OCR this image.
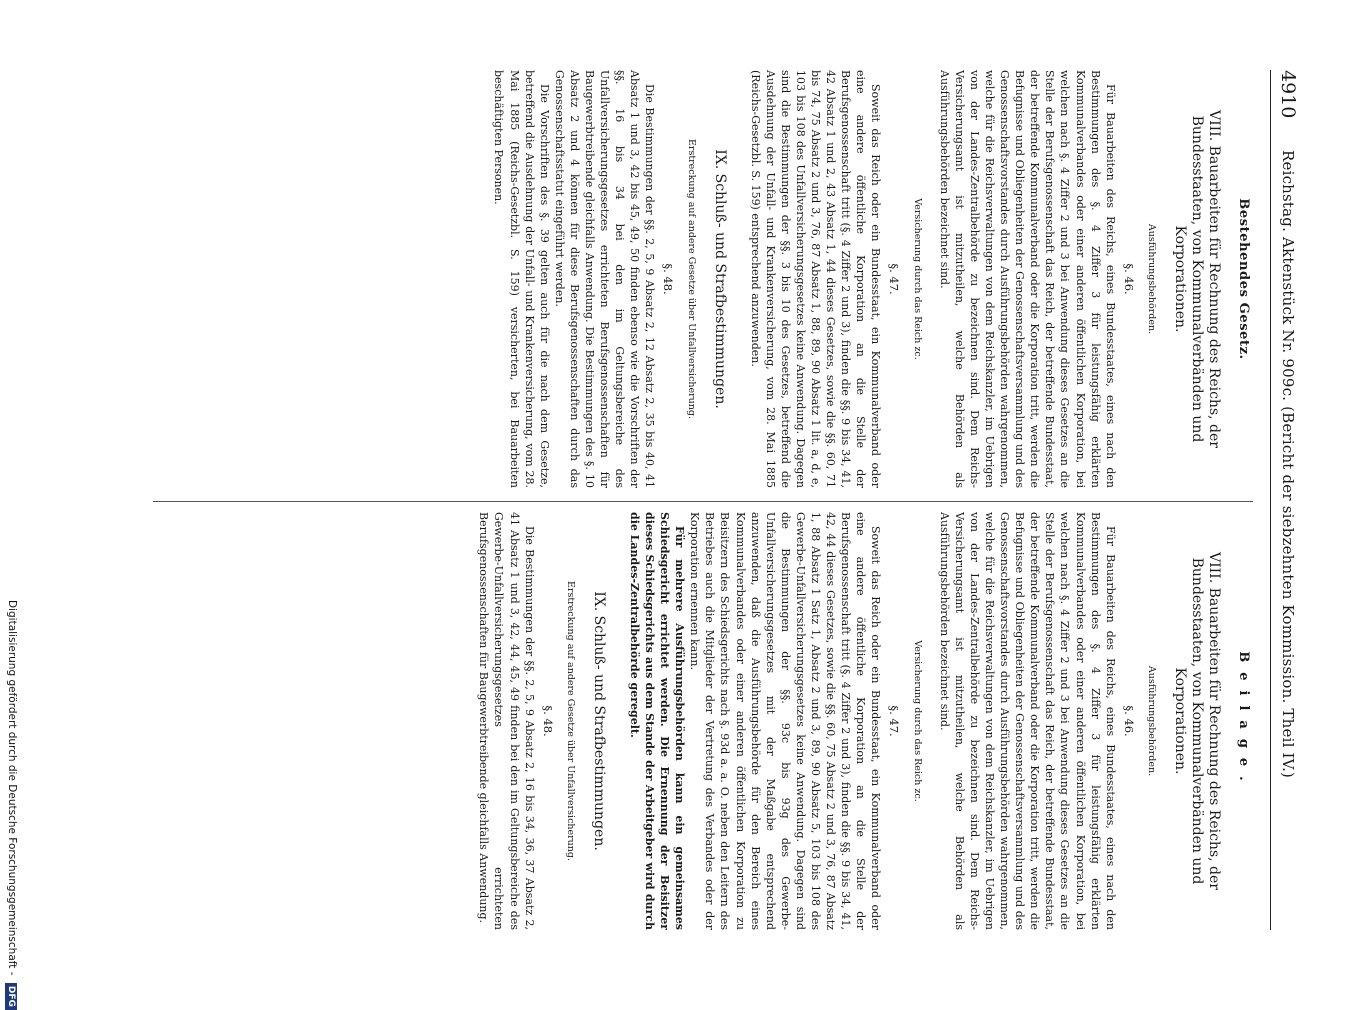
4910
Reichstag. Aktenstück Nr. 909c. (Bericht der siebzehnten Kommission. Theil IV.)
Bestehendes Gesetz.
VIII. Bauarbeiten für Rechnung des Reichs, der Bundesstaaten, von Kommunalverbänden und Korporationen.
Ausführungsbehörden.
§. 46.

Für Bauarbeiten des Reichs, eines Bundesstaates, eines nach den Bestimmungen des §. 4 Ziffer 3 für leistungsfähig erklärten Kommunalverbandes oder einer anderen öffentlichen Korporation, bei welchen nach §. 4 Ziffer 2 und 3 bei Anwendung dieses Gesetzes an die Stelle der Berufsgenossenschaft das Reich, der betreffende Bundesstaat, der betreffende Kommunalverband oder die Korporation tritt, werden die Befugnisse und Obliegenheiten der Genossenschaftsversammlung und des Genossenschaftsvorstandes durch Ausführungsbehörden wahrgenommen, welche für die Reichsverwaltungen von dem Reichskanzler, im Uebrigen von der Landes-Zentralbehörde zu bezeichnen sind. Dem Reichs-Versicherungsamt ist mitzutheilen, welche Behörden als Ausführungsbehörden bezeichnet sind.

Versicherung durch das Reich zc.
§. 47.

Soweit das Reich oder ein Bundesstaat, ein Kommunalverband oder eine andere öffentliche Korporation an die Stelle der Berufsgenossenschaft tritt (§. 4 Ziffer 2 und 3), finden die §§. 9 bis 34, 41, 42 Absatz 1 und 2, 43 Absatz 1, 44 dieses Gesetzes, sowie die §§. 60, 71 bis 74, 75 Absatz 2 und 3, 76, 87 Absatz 1, 88, 89, 90 Absatz 1 lit. a, d, e, 103 bis 108 des Unfallversicherungsgesetzes keine Anwendung. Dagegen sind die Bestimmungen der §§. 3 bis 10 des Gesetzes, betreffend die Ausdehnung der Unfall- und Krankenversicherung, vom 28. Mai 1885 (Reichs-Gesetzbl. S. 159) entsprechend anzuwenden.

IX. Schluß- und Strafbestimmungen.
Erstreckung auf andere Gesetze über Unfallversicherung.
§. 48.

Die Bestimmungen der §§. 2, 5, 9 Absatz 2, 12 Absatz 2, 35 bis 40, 41 Absatz 1 und 3, 42 bis 45, 49, 50 finden ebenso wie die Vorschriften der §§. 16 bis 34 bei den im Geltungsbereiche des Unfallversicherungsgesetzes errichteten Berufsgenossenschaften für Baugewerbtreibende gleichfalls Anwendung. Die Bestimmungen des §. 10 Absatz 2 und 4 können für diese Berufsgenossenschaften durch das Genossenschaftsstatut eingeführt werden.

Die Vorschriften des §. 39 gelten auch für die nach dem Gesetze, betreffend die Ausdehnung der Unfall- und Krankenversicherung, vom 28. Mai 1885 (Reichs-Gesetzbl. S. 159) versicherten, bei Bauarbeiten beschäftigten Personen.

Beilage.
VIII. Bauarbeiten für Rechnung des Reichs, der Bundesstaaten, von Kommunalverbänden und Korporationen.
Ausführungsbehörden.
§. 46.

Für Bauarbeiten des Reichs, eines Bundesstaates, eines nach den Bestimmungen des §. 4 Ziffer 3 für leistungsfähig erklärten Kommunalverbandes oder einer anderen öffentlichen Korporation, bei welchen nach §. 4 Ziffer 2 und 3 bei Anwendung dieses Gesetzes an die Stelle der Berufsgenossenschaft das Reich, der betreffende Bundesstaat, der betreffende Kommunalverband oder die Korporation tritt, werden die Befugnisse und Obliegenheiten der Genossenschaftsversammlung und des Genossenschaftsvorstandes durch Ausführungsbehörden wahrgenommen, welche für die Reichsverwaltungen von dem Reichskanzler, im Uebrigen von der Landes-Zentralbehörde zu bezeichnen sind. Dem Reichs-Versicherungsamt ist mitzutheilen, welche Behörden als Ausführungsbehörden bezeichnet sind.

Versicherung durch das Reich zc.
§. 47.

Soweit das Reich oder ein Bundesstaat, ein Kommunalverband oder eine andere öffentliche Korporation an die Stelle der Berufsgenossenschaft tritt (§. 4 Ziffer 2 und 3), finden die §§. 9 bis 34, 41, 42, 44 dieses Gesetzes, sowie die §§. 60, 75 Absatz 2 und 3, 76, 87 Absatz 1, 88 Absatz 1 Satz 1, Absatz 2 und 3, 89, 90 Absatz 5, 103 bis 108 des Gewerbe-Unfallversicherungsgesetzes keine Anwendung. Dagegen sind die Bestimmungen der §§. 93c bis 93g des Gewerbe-Unfallversicherungsgesetzes mit der Maßgabe entsprechend anzuwenden, daß die Ausführungsbehörde für den Bereich eines Kommunalverbandes oder einer anderen öffentlichen Korporation zu Beisitzern des Schiedsgerichts nach §. 93d a. a. O. neben den Leitern des Betriebes auch die Mitglieder der Vertretung des Verbandes oder der Korporation ernennen kann.

Für mehrere Ausführungsbehörden kann ein gemeinsames Schiedsgericht errichtet werden. Die Ernennung der Beisitzer dieses Schiedsgerichts aus dem Stande der Arbeitgeber wird durch die Landes-Zentralbehörde geregelt.

IX. Schluß- und Strafbestimmungen.
Erstreckung auf andere Gesetze über Unfallversicherung.
§. 48.

Die Bestimmungen der §§. 2, 5, 9 Absatz 2, 16 bis 34, 36, 37 Absatz 2, 41 Absatz 1 und 3, 42, 44, 45, 49 finden bei den im Geltungsbereiche des Gewerbe-Unfallversicherungsgesetzes errichteten Berufsgenossenschaften für Baugewerbtreibende gleichfalls Anwendung.

Digitalisierung gefördert durch die Deutsche Forschungsgemeinschaft - DFG
